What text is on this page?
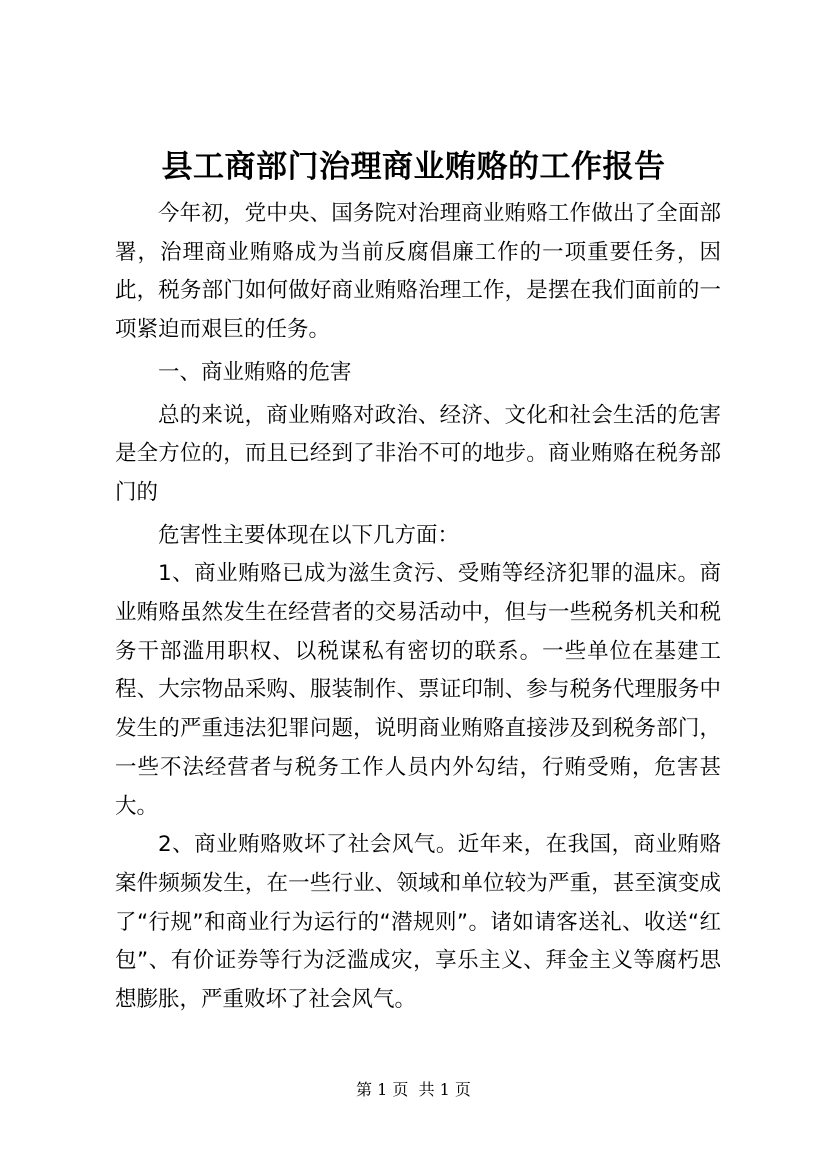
县工商部门治理商业贿赂的工作报告

今年初，党中央、国务院对治理商业贿赂工作做出了全面部署，治理商业贿赂成为当前反腐倡廉工作的一项重要任务，因此，税务部门如何做好商业贿赂治理工作，是摆在我们面前的一项紧迫而艰巨的任务。

一、商业贿赂的危害

总的来说，商业贿赂对政治、经济、文化和社会生活的危害是全方位的，而且已经到了非治不可的地步。商业贿赂在税务部门的

危害性主要体现在以下几方面：

1、商业贿赂已成为滋生贪污、受贿等经济犯罪的温床。商业贿赂虽然发生在经营者的交易活动中，但与一些税务机关和税务干部滥用职权、以税谋私有密切的联系。一些单位在基建工程、大宗物品采购、服装制作、票证印制、参与税务代理服务中发生的严重违法犯罪问题，说明商业贿赂直接涉及到税务部门，一些不法经营者与税务工作人员内外勾结，行贿受贿，危害甚大。

2、商业贿赂败坏了社会风气。近年来，在我国，商业贿赂案件频频发生，在一些行业、领域和单位较为严重，甚至演变成了“行规”和商业行为运行的“潜规则”。诸如请客送礼、收送“红包”、有价证券等行为泛滥成灾，享乐主义、拜金主义等腐朽思想膨胀，严重败坏了社会风气。

第 1 页  共 1 页
